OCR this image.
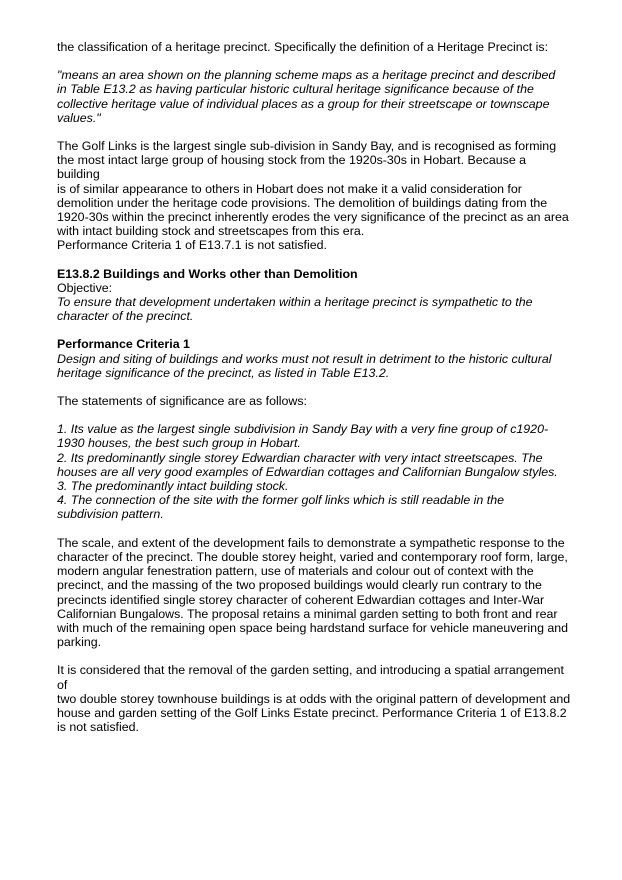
the classification of a heritage precinct. Specifically the definition of a Heritage Precinct is:

"means an area shown on the planning scheme maps as a heritage precinct and described
in Table E13.2 as having particular historic cultural heritage significance because of the
collective heritage value of individual places as a group for their streetscape or townscape
values."

The Golf Links is the largest single sub-division in Sandy Bay, and is recognised as forming
the most intact large group of housing stock from the 1920s-30s in Hobart. Because a building
is of similar appearance to others in Hobart does not make it a valid consideration for
demolition under the heritage code provisions. The demolition of buildings dating from the
1920-30s within the precinct inherently erodes the very significance of the precinct as an area
with intact building stock and streetscapes from this era.

Performance Criteria 1 of E13.7.1 is not satisfied.

E13.8.2 Buildings and Works other than Demolition

Objective:

To ensure that development undertaken within a heritage precinct is sympathetic to the
character of the precinct.

Performance Criteria 1

Design and siting of buildings and works must not result in detriment to the historic cultural
heritage significance of the precinct, as listed in Table E13.2.

The statements of significance are as follows:

1. Its value as the largest single subdivision in Sandy Bay with a very fine group of c1920-
1930 houses, the best such group in Hobart.

2. Its predominantly single storey Edwardian character with very intact streetscapes. The
houses are all very good examples of Edwardian cottages and Californian Bungalow styles.

3. The predominantly intact building stock.

4. The connection of the site with the former golf links which is still readable in the
subdivision pattern.

The scale, and extent of the development fails to demonstrate a sympathetic response to the
character of the precinct. The double storey height, varied and contemporary roof form, large,
modern angular fenestration pattern, use of materials and colour out of context with the
precinct, and the massing of the two proposed buildings would clearly run contrary to the
precincts identified single storey character of coherent Edwardian cottages and Inter-War
Californian Bungalows. The proposal retains a minimal garden setting to both front and rear
with much of the remaining open space being hardstand surface for vehicle maneuvering and
parking.

It is considered that the removal of the garden setting, and introducing a spatial arrangement of
two double storey townhouse buildings is at odds with the original pattern of development and
house and garden setting of the Golf Links Estate precinct. Performance Criteria 1 of E13.8.2
is not satisfied.
